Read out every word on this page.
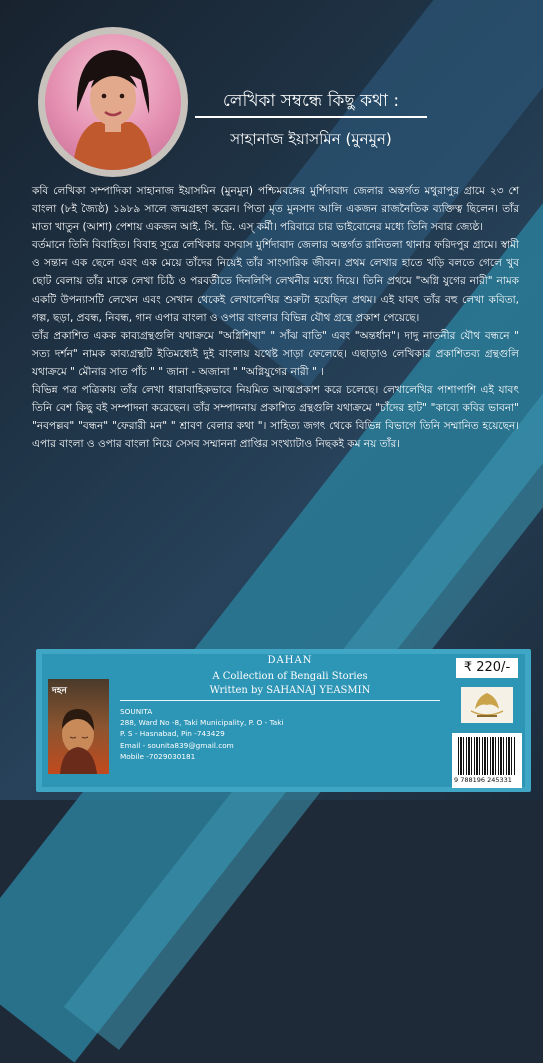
লেখিকা সম্বন্ধে কিছু কথা :
সাহানাজ ইয়াসমিন (মুনমুন)

কবি লেখিকা সম্পাদিকা সাহানাজ ইয়াসমিন (মুনমুন) পশ্চিমবঙ্গের মুর্শিদাবাদ জেলার অন্তর্গত মথুরাপুর গ্রামে ২৩ শে বাংলা (৮ই জ্যৈষ্ঠ) ১৯৮৯ সালে জন্মগ্রহণ করেন। পিতা মৃত মুনসাদ আলি একজন রাজনৈতিক ব্যক্তিত্ব ছিলেন। তাঁর মাতা খাতুন (আশা) পেশায় একজন আই. সি. ডি. এস্ কর্মী। পরিবারে চার ভাইবোনের মধ্যে তিনি সবার জ্যেষ্ঠ।

বর্তমানে তিনি বিবাহিত। বিবাহ সূত্রে লেখিকার বসবাস মুর্শিদাবাদ জেলার অন্তর্গত রানিতলা থানার ফরিদপুর গ্রামে। স্বামী ও সন্তান এক ছেলে এবং এক মেয়ে তাঁদের নিয়েই তাঁর সাংসারিক জীবন। প্রথম লেখার হাতে খড়ি বলতে গেলে খুব ছোট বেলায় তাঁর মাকে লেখা চিঠি ও পরবর্তীতে দিনলিপি লেখনীর মধ্যে দিয়ে। তিনি প্রথমে "অগ্নি যুগের নারী" নামক একটি উপন্যাসটি লেখেন এবং সেখান থেকেই লেখালেখির শুরুটা হয়েছিল প্রথম। এই যাবৎ তাঁর বহু লেখা কবিতা, গল্প, ছড়া, প্রবন্ধ, নিবন্ধ, গান এপার বাংলা ও ওপার বাংলার বিভিন্ন যৌথ গ্রন্থে প্রকাশ পেয়েছে।

তাঁর প্রকাশিত একক কাব্যগ্রন্থগুলি যথাক্রমে "অগ্নিশিখা" " সাঁঝ বাতি" এবং "অন্তর্ধান"। দাদু নাতনীর যৌথ বন্ধনে " সত্য দর্শন" নামক কাব্যগ্রন্থটি ইতিমধ্যেই দুই বাংলায় যথেষ্ট সাড়া ফেলেছে। এছাড়াও লেখিকার প্রকাশিতব্য গ্রন্থগুলি যথাক্রমে " মৌনার সাত পাঁচ " " জানা - অজানা " "অগ্নিযুগের নারী " ।

বিভিন্ন পত্র পত্রিকায় তাঁর লেখা ধারাবাহিকভাবে নিয়মিত আত্মপ্রকাশ করে চলেছে। লেখালেখির পাশাপাশি এই যাবৎ তিনি বেশ কিছু বই সম্পাদনা করেছেন। তাঁর সম্পাদনায় প্রকাশিত গ্রন্থগুলি যথাক্রমে "চাঁদের হাট" "কাব্যে কবির ভাবনা" "নবপল্লব" "বন্ধন" "ফেরারী মন" " শ্রাবণ বেলার কথা "। সাহিত্য জগৎ থেকে বিভিন্ন বিভাগে তিনি সম্মানিত হয়েছেন। এপার বাংলা ও ওপার বাংলা নিয়ে সেসব সম্মাননা প্রাপ্তির সংখ্যাটাও নিছকই কম নয় তাঁর।

দহন
DAHAN
A Collection of Bengali Stories
Written by SAHANAJ YEASMIN
SOUNITA
288, Ward No -8, Taki Municipality, P. O - Taki
P. S - Hasnabad, Pin -743429
Email - sounita839@gmail.com
Mobile -7029030181
₹ 220/-
9 788196 245331
